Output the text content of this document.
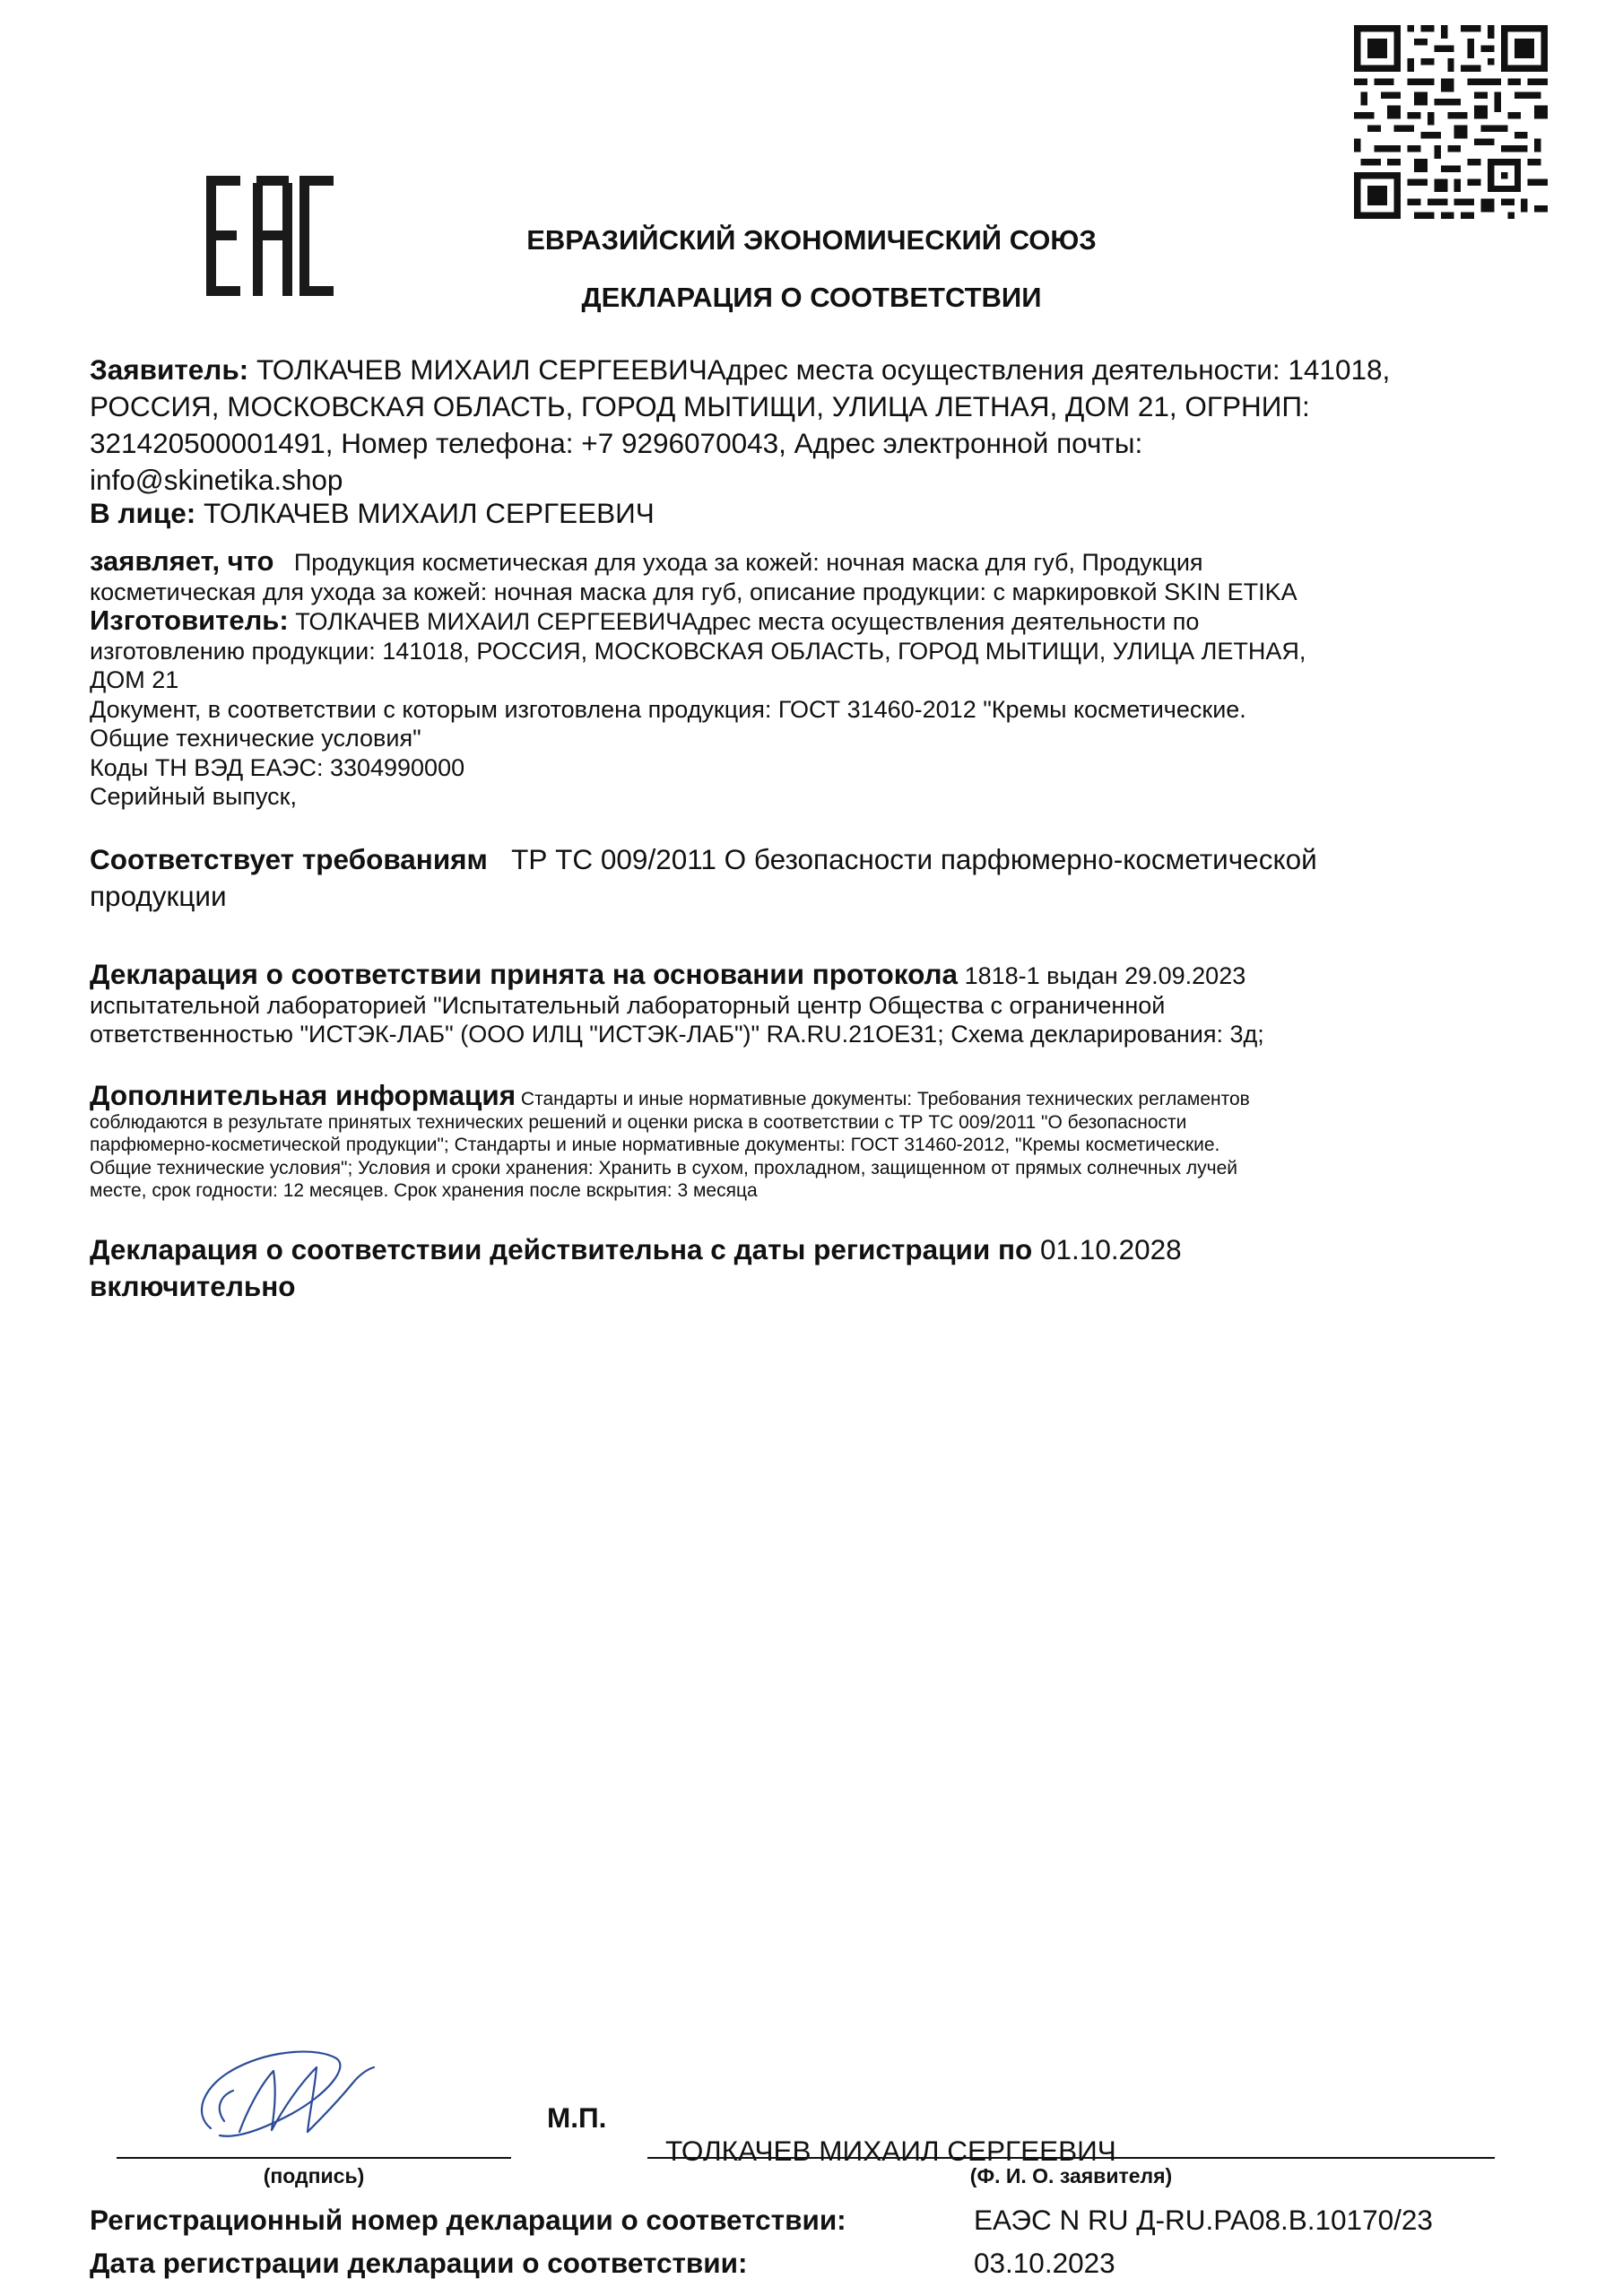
ЕВРАЗИЙСКИЙ ЭКОНОМИЧЕСКИЙ СОЮЗ
ДЕКЛАРАЦИЯ О СООТВЕТСТВИИ
Заявитель: ТОЛКАЧЕВ МИХАИЛ СЕРГЕЕВИЧАдрес места осуществления деятельности: 141018,
РОССИЯ, МОСКОВСКАЯ ОБЛАСТЬ, ГОРОД МЫТИЩИ, УЛИЦА ЛЕТНАЯ, ДОМ 21, ОГРНИП:
321420500001491, Номер телефона: +7 9296070043, Адрес электронной почты:
info@skinetika.shop
В лице: ТОЛКАЧЕВ МИХАИЛ СЕРГЕЕВИЧ
заявляет, что Продукция косметическая для ухода за кожей: ночная маска для губ, Продукция
косметическая для ухода за кожей: ночная маска для губ, описание продукции: с маркировкой SKIN ETIKA
Изготовитель: ТОЛКАЧЕВ МИХАИЛ СЕРГЕЕВИЧАдрес места осуществления деятельности по
изготовлению продукции: 141018, РОССИЯ, МОСКОВСКАЯ ОБЛАСТЬ, ГОРОД МЫТИЩИ, УЛИЦА ЛЕТНАЯ,
ДОМ 21
Документ, в соответствии с которым изготовлена продукция: ГОСТ 31460-2012 "Кремы косметические.
Общие технические условия"
Коды ТН ВЭД ЕАЭС: 3304990000
Серийный выпуск,
Соответствует требованиям ТР ТС 009/2011 О безопасности парфюмерно-косметической
продукции
Декларация о соответствии принята на основании протокола 1818-1 выдан 29.09.2023
испытательной лабораторией "Испытательный лабораторный центр Общества с ограниченной
ответственностью "ИСТЭК-ЛАБ" (ООО ИЛЦ "ИСТЭК-ЛАБ")" RA.RU.21ОЕ31; Схема декларирования: 3д;
Дополнительная информация Стандарты и иные нормативные документы: Требования технических регламентов
соблюдаются в результате принятых технических решений и оценки риска в соответствии с ТР ТС 009/2011 "О безопасности
парфюмерно-косметической продукции"; Стандарты и иные нормативные документы: ГОСТ 31460-2012, "Кремы косметические.
Общие технические условия"; Условия и сроки хранения: Хранить в сухом, прохладном, защищенном от прямых солнечных лучей
месте, срок годности: 12 месяцев. Срок хранения после вскрытия: 3 месяца
Декларация о соответствии действительна с даты регистрации по 01.10.2028
включительно
М.П.
ТОЛКАЧЕВ МИХАИЛ СЕРГЕЕВИЧ
(подпись)	(Ф. И. О. заявителя)
Регистрационный номер декларации о соответствии:	ЕАЭС N RU Д-RU.PA08.B.10170/23
Дата регистрации декларации о соответствии:	03.10.2023
